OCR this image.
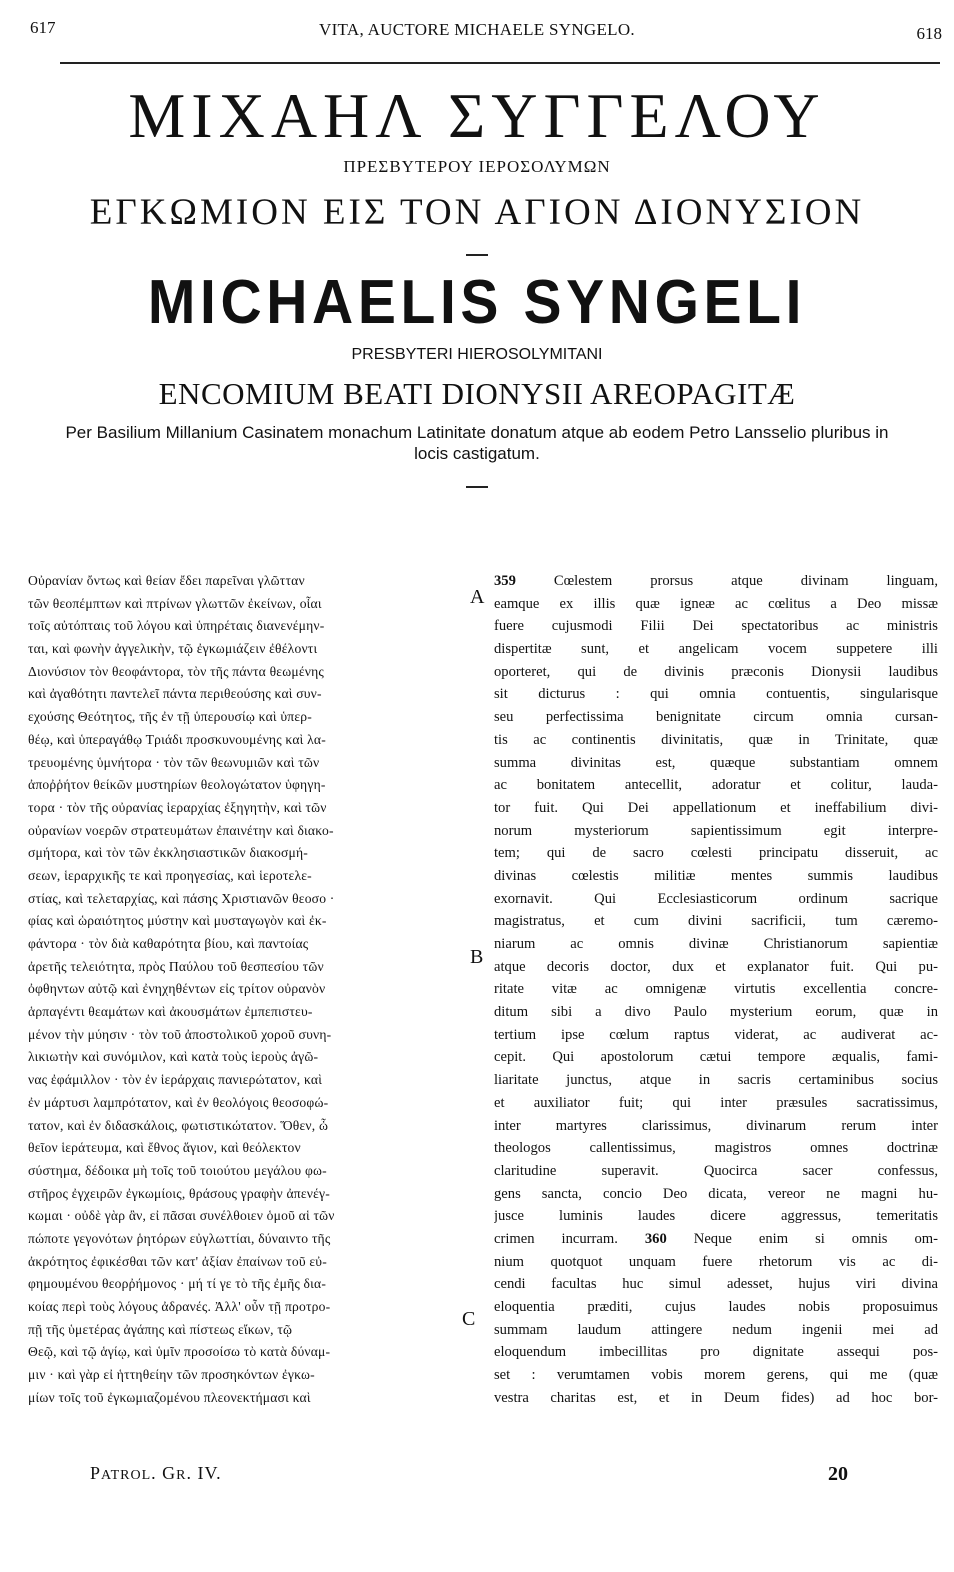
617	VITA, AUCTORE MICHAELE SYNGELO.	618
ΜΙΧΑΗΛ ΣΥΓΓΕΛΟΥ
ΠΡΕΣΒΥΤΕΡΟΥ ΙΕΡΟΣΟΛΥΜΩΝ
ΕΓΚΩΜΙΟΝ ΕΙΣ ΤΟΝ ΑΓΙΟΝ ΔΙΟΝΥΣΙΟΝ
MICHAELIS SYNGELI
PRESBYTERI HIEROSOLYMITANI
ENCOMIUM BEATI DIONYSII AREOPAGITÆ
Per Basilium Millanium Casinatem monachum Latinitate donatum atque ab eodem Petro Lansselio pluribus in locis castigatum.
Οὐρανίαν ὄντως καὶ θείαν ἔδει παρεῖναι γλῶτταν
τῶν θεοπέμπτων καὶ πτρίνων γλωττῶν ἐκείνων, οἷαι
τοῖς αὐτόπταις τοῦ λόγου καὶ ὑπηρέταις διανενέμην-
ται, καὶ φωνὴν ἀγγελικὴν, τῷ ἐγκωμιάζειν ἐθέλοντι
Διονύσιον τὸν θεοφάντορα, τὸν τῆς πάντα θεωμένης
καὶ ἀγαθότητι παντελεῖ πάντα περιθεούσης καὶ συν-
εχούσης Θεότητος, τῆς ἐν τῇ ὑπερουσίῳ καὶ ὑπερ-
θέῳ, καὶ ὑπεραγάθῳ Τριάδι προσκυνουμένης καὶ λα-
τρευομένης ὑμνήτορα · τὸν τῶν θεωνυμιῶν καὶ τῶν
ἀποῤῥήτον θείκῶν μυστηρίων θεολογώτατον ὑφηγη-
τορα · τὸν τῆς οὐρανίας ἱεραρχίας ἐξηγητὴν, καὶ τῶν
οὐρανίων νοερῶν στρατευμάτων ἐπαινέτην καὶ διακο-
σμήτορα, καὶ τὸν τῶν ἐκκλησιαστικῶν διακοσμή-
σεων, ἱεραρχικῆς τε καὶ προηγεσίας, καὶ ἱεροτελε-
στίας, καὶ τελεταρχίας, καὶ πάσης Χριστιανῶν θεοσο ·
φίας καὶ ὡραιότητος μύστην καὶ μυσταγωγὸν καὶ ἐκ-
φάντορα · τὸν διὰ καθαρότητα βίου, καὶ παντοίας
ἀρετῆς τελειότητα, πρὸς Παύλου τοῦ θεσπεσίου τῶν
ὀφθηντων αὐτῷ καὶ ἐνηχηθέντων εἰς τρίτον οὐρανὸν
ἁρπαγέντι θεαμάτων καὶ ἀκουσμάτων ἐμπεπιστευ-
μένον τὴν μύησιν · τὸν τοῦ ἀποστολικοῦ χοροῦ συνη-
λικιωτὴν καὶ συνόμιλον, καὶ κατὰ τοὺς ἱεροὺς ἀγῶ-
νας ἐφάμιλλον · τὸν ἐν ἱεράρχαις πανιερώτατον, καὶ
ἐν μάρτυσι λαμπρότατον, καὶ ἐν θεολόγοις θεοσοφώ-
τατον, καὶ ἐν διδασκάλοις, φωτιστικώτατον. Ὅθεν, ὦ
θεῖον ἱεράτευμα, καὶ ἔθνος ἅγιον, καὶ θεόλεκτον
σύστημα, δέδοικα μὴ τοῖς τοῦ τοιούτου μεγάλου φω-
στῆρος ἐγχειρῶν ἐγκωμίοις, θράσους γραφὴν ἀπενέγ-
κωμαι · οὐδὲ γὰρ ἂν, εἰ πᾶσαι συνέλθοιεν ὁμοῦ αἱ τῶν
πώποτε γεγονότων ῥητόρων εὐγλωττίαι, δύναιντο τῆς
ἀκρότητος ἐφικέσθαι τῶν κατ' ἀξίαν ἐπαίνων τοῦ εὐ-
φημουμένου θεορῤήμονος · μή τί γε τὸ τῆς ἐμῆς δια-
κοίας περὶ τοὺς λόγους ἀδρανές. Ἀλλ' οὖν τῇ προτρο-
πῇ τῆς ὑμετέρας ἀγάπης καὶ πίστεως εἴκων, τῷ
Θεῷ, καὶ τῷ ἁγίῳ, καὶ ὑμῖν προσοίσω τὸ κατὰ δύναμ-
μιν · καὶ γὰρ εἰ ἡττηθείην τῶν προσηκόντων ἐγκω-
μίων τοῖς τοῦ ἐγκωμιαζομένου πλεονεκτήμασι καὶ
359 Cœlestem prorsus atque divinam linguam,
eamque ex illis quæ igneæ ac cœlitus a Deo missæ
fuere cujusmodi Filii Dei spectatoribus ac ministris
dispertitæ sunt, et angelicam vocem suppetere illi
oporteret, qui de divinis præconis Dionysii laudibus
sit dicturus : qui omnia contuentis, singularisque
seu perfectissima benignitate circum omnia cursan-
tis ac continentis divinitatis, quæ in Trinitate, quæ
summa divinitas est, quæque substantiam omnem
ac bonitatem antecellit, adoratur et colitur, lauda-
tor fuit. Qui Dei appellationum et ineffabilium divi-
norum mysteriorum sapientissimum egit interpre-
tem; qui de sacro cœlesti principatu disseruit, ac
divinas cœlestis militiæ mentes summis laudibus
exornavit. Qui Ecclesiasticorum ordinum sacrique
magistratus, et cum divini sacrificii, tum cæremo-
niarum ac omnis divinæ Christianorum sapientiæ
atque decoris doctor, dux et explanator fuit. Qui pu-
ritate vitæ ac omnigenæ virtutis excellentia concre-
ditum sibi a divo Paulo mysterium eorum, quæ in
tertium ipse cœlum raptus viderat, ac audiverat ac-
cepit. Qui apostolorum cætui tempore æqualis, fami-
liaritate junctus, atque in sacris certaminibus socius
et auxiliator fuit; qui inter præsules sacratissimus,
inter martyres clarissimus, divinarum rerum inter
theologos callentissimus, magistros omnes doctrinæ
claritudine superavit. Quocirca sacer confessus,
gens sancta, concio Deo dicata, vereor ne magni hu-
jusce luminis laudes dicere aggressus, temeritatis
crimen incurram. 360 Neque enim si omnis om-
nium quotquot unquam fuere rhetorum vis ac di-
cendi facultas huc simul adesset, hujus viri divina
eloquentia præditi, cujus laudes nobis proposuimus
summam laudum attingere nedum ingenii mei ad
eloquendum imbecillitas pro dignitate assequi pos-
set : verumtamen vobis morem gerens, qui me (quæ
vestra charitas est, et in Deum fides) ad hoc bor-
A
B
C
PATROL. GR. IV.	20
